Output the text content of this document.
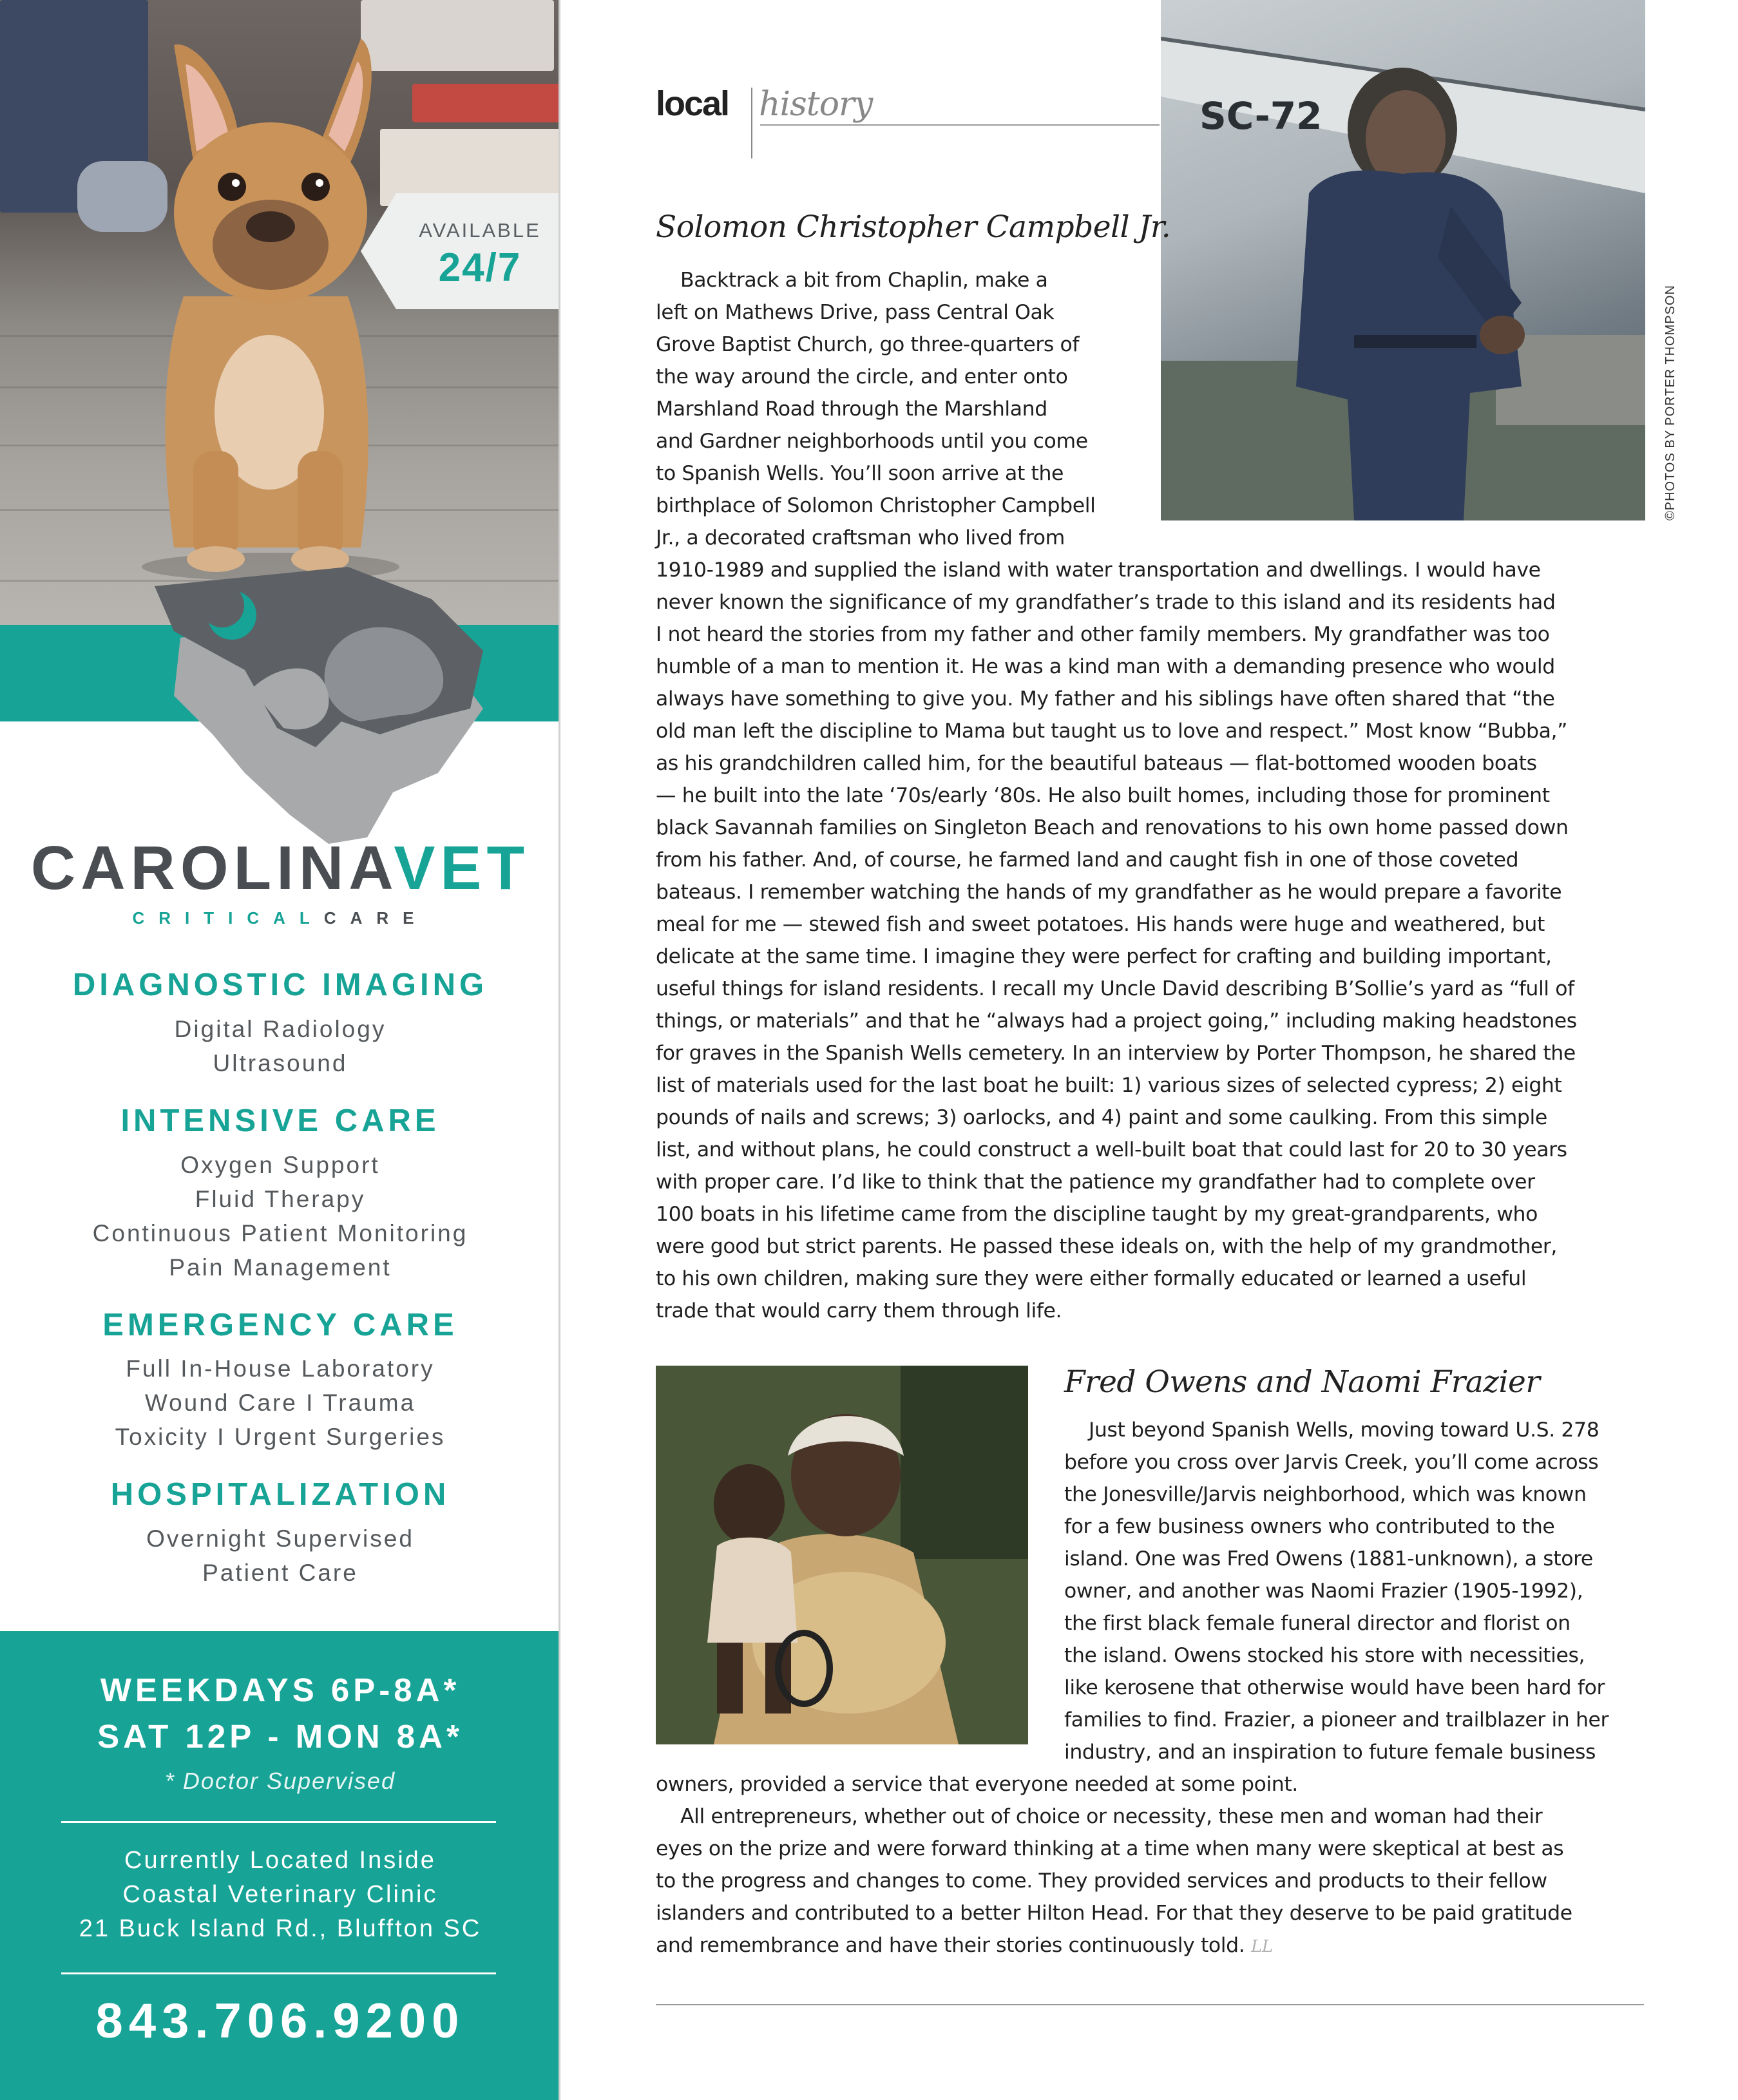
AVAILABLE
24/7
CAROLINAVET
CRITICALCARE
DIAGNOSTIC IMAGING
Digital Radiology
Ultrasound
INTENSIVE CARE
Oxygen Support
Fluid Therapy
Continuous Patient Monitoring
Pain Management
EMERGENCY CARE
Full In-House Laboratory
Wound Care I Trauma
Toxicity I Urgent Surgeries
HOSPITALIZATION
Overnight Supervised
Patient Care
WEEKDAYS 6P-8A*
SAT 12P - MON 8A*
* Doctor Supervised
Currently Located Inside
Coastal Veterinary Clinic
21 Buck Island Rd., Bluffton SC
843.706.9200
local history	SC-72
©PHOTOS BY PORTER THOMPSON
Solomon Christopher Campbell Jr.
Backtrack a bit from Chaplin, make a
left on Mathews Drive, pass Central Oak
Grove Baptist Church, go three-quarters of
the way around the circle, and enter onto
Marshland Road through the Marshland
and Gardner neighborhoods until you come
to Spanish Wells. You’ll soon arrive at the
birthplace of Solomon Christopher Campbell
Jr., a decorated craftsman who lived from
1910-1989 and supplied the island with water transportation and dwellings. I would have
never known the significance of my grandfather’s trade to this island and its residents had
I not heard the stories from my father and other family members. My grandfather was too
humble of a man to mention it. He was a kind man with a demanding presence who would
always have something to give you. My father and his siblings have often shared that “the
old man left the discipline to Mama but taught us to love and respect.” Most know “Bubba,”
as his grandchildren called him, for the beautiful bateaus — flat-bottomed wooden boats
— he built into the late ‘70s/early ‘80s. He also built homes, including those for prominent
black Savannah families on Singleton Beach and renovations to his own home passed down
from his father. And, of course, he farmed land and caught fish in one of those coveted
bateaus. I remember watching the hands of my grandfather as he would prepare a favorite
meal for me — stewed fish and sweet potatoes. His hands were huge and weathered, but
delicate at the same time. I imagine they were perfect for crafting and building important,
useful things for island residents. I recall my Uncle David describing B’Sollie’s yard as “full of
things, or materials” and that he “always had a project going,” including making headstones
for graves in the Spanish Wells cemetery. In an interview by Porter Thompson, he shared the
list of materials used for the last boat he built: 1) various sizes of selected cypress; 2) eight
pounds of nails and screws; 3) oarlocks, and 4) paint and some caulking. From this simple
list, and without plans, he could construct a well-built boat that could last for 20 to 30 years
with proper care. I’d like to think that the patience my grandfather had to complete over
100 boats in his lifetime came from the discipline taught by my great-grandparents, who
were good but strict parents. He passed these ideals on, with the help of my grandmother,
to his own children, making sure they were either formally educated or learned a useful
trade that would carry them through life.
Fred Owens and Naomi Frazier
Just beyond Spanish Wells, moving toward U.S. 278
before you cross over Jarvis Creek, you’ll come across
the Jonesville/Jarvis neighborhood, which was known
for a few business owners who contributed to the
island. One was Fred Owens (1881-unknown), a store
owner, and another was Naomi Frazier (1905-1992),
the first black female funeral director and florist on
the island. Owens stocked his store with necessities,
like kerosene that otherwise would have been hard for
families to find. Frazier, a pioneer and trailblazer in her
industry, and an inspiration to future female business
owners, provided a service that everyone needed at some point.
All entrepreneurs, whether out of choice or necessity, these men and woman had their
eyes on the prize and were forward thinking at a time when many were skeptical at best as
to the progress and changes to come. They provided services and products to their fellow
islanders and contributed to a better Hilton Head. For that they deserve to be paid gratitude
and remembrance and have their stories continuously told. LL
